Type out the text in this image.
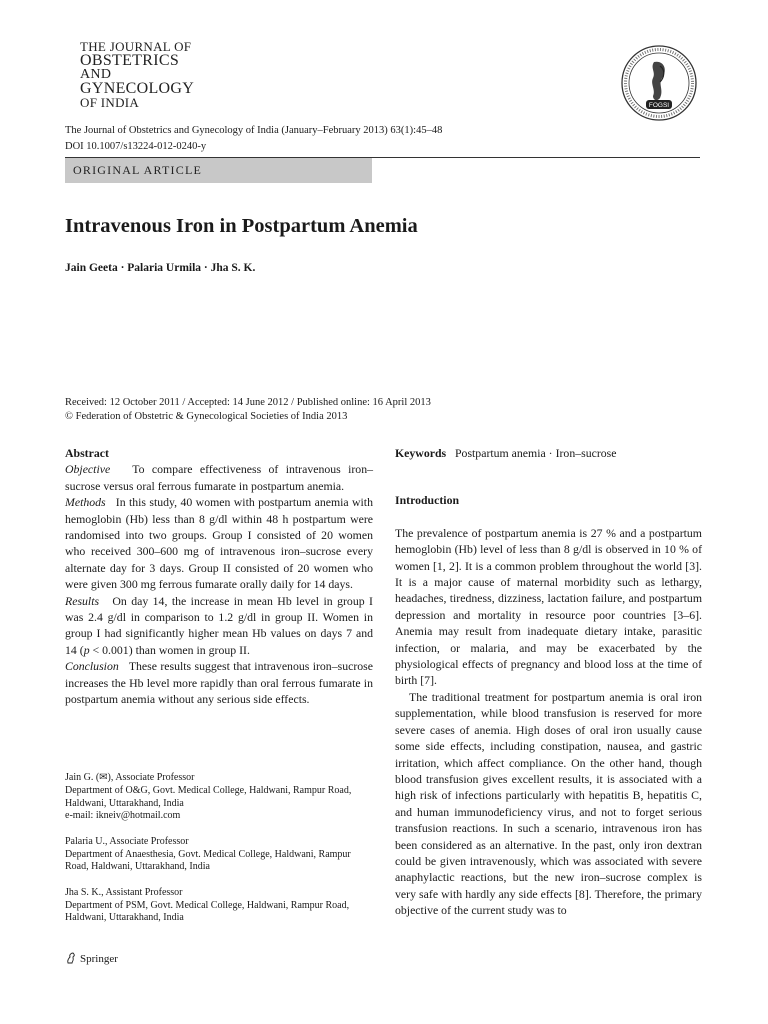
THE JOURNAL OF
OBSTETRICS
AND
GYNECOLOGY
OF INDIA	FOGSI
The Journal of Obstetrics and Gynecology of India (January–February 2013) 63(1):45–48
DOI 10.1007/s13224-012-0240-y
ORIGINAL ARTICLE
Intravenous Iron in Postpartum Anemia
Jain Geeta · Palaria Urmila · Jha S. K.
Received: 12 October 2011 / Accepted: 14 June 2012 / Published online: 16 April 2013
© Federation of Obstetric & Gynecological Societies of India 2013

Abstract

Objective To compare effectiveness of intravenous iron–sucrose versus oral ferrous fumarate in postpartum anemia.

Methods In this study, 40 women with postpartum anemia with hemoglobin (Hb) less than 8 g/dl within 48 h postpartum were randomised into two groups. Group I consisted of 20 women who received 300–600 mg of intravenous iron–sucrose every alternate day for 3 days. Group II consisted of 20 women who were given 300 mg ferrous fumarate orally daily for 14 days.

Results On day 14, the increase in mean Hb level in group I was 2.4 g/dl in comparison to 1.2 g/dl in group II. Women in group I had significantly higher mean Hb values on days 7 and 14 (p < 0.001) than women in group II.

Conclusion These results suggest that intravenous iron–sucrose increases the Hb level more rapidly than oral ferrous fumarate in postpartum anemia without any serious side effects.

Jain G. (✉), Associate Professor
Department of O&G, Govt. Medical College, Haldwani, Rampur Road, Haldwani, Uttarakhand, India
e-mail: ikneiv@hotmail.com

Palaria U., Associate Professor
Department of Anaesthesia, Govt. Medical College, Haldwani, Rampur Road, Haldwani, Uttarakhand, India

Jha S. K., Assistant Professor
Department of PSM, Govt. Medical College, Haldwani, Rampur Road, Haldwani, Uttarakhand, India

Keywords Postpartum anemia · Iron–sucrose

Introduction

The prevalence of postpartum anemia is 27 % and a postpartum hemoglobin (Hb) level of less than 8 g/dl is observed in 10 % of women [1, 2]. It is a common problem throughout the world [3]. It is a major cause of maternal morbidity such as lethargy, headaches, tiredness, dizziness, lactation failure, and postpartum depression and mortality in resource poor countries [3–6]. Anemia may result from inadequate dietary intake, parasitic infection, or malaria, and may be exacerbated by the physiological effects of pregnancy and blood loss at the time of birth [7].

The traditional treatment for postpartum anemia is oral iron supplementation, while blood transfusion is reserved for more severe cases of anemia. High doses of oral iron usually cause some side effects, including constipation, nausea, and gastric irritation, which affect compliance. On the other hand, though blood transfusion gives excellent results, it is associated with a high risk of infections particularly with hepatitis B, hepatitis C, and human immunodeficiency virus, and not to forget serious transfusion reactions. In such a scenario, intravenous iron has been considered as an alternative. In the past, only iron dextran could be given intravenously, which was associated with severe anaphylactic reactions, but the new iron–sucrose complex is very safe with hardly any side effects [8]. Therefore, the primary objective of the current study was to

Springer
